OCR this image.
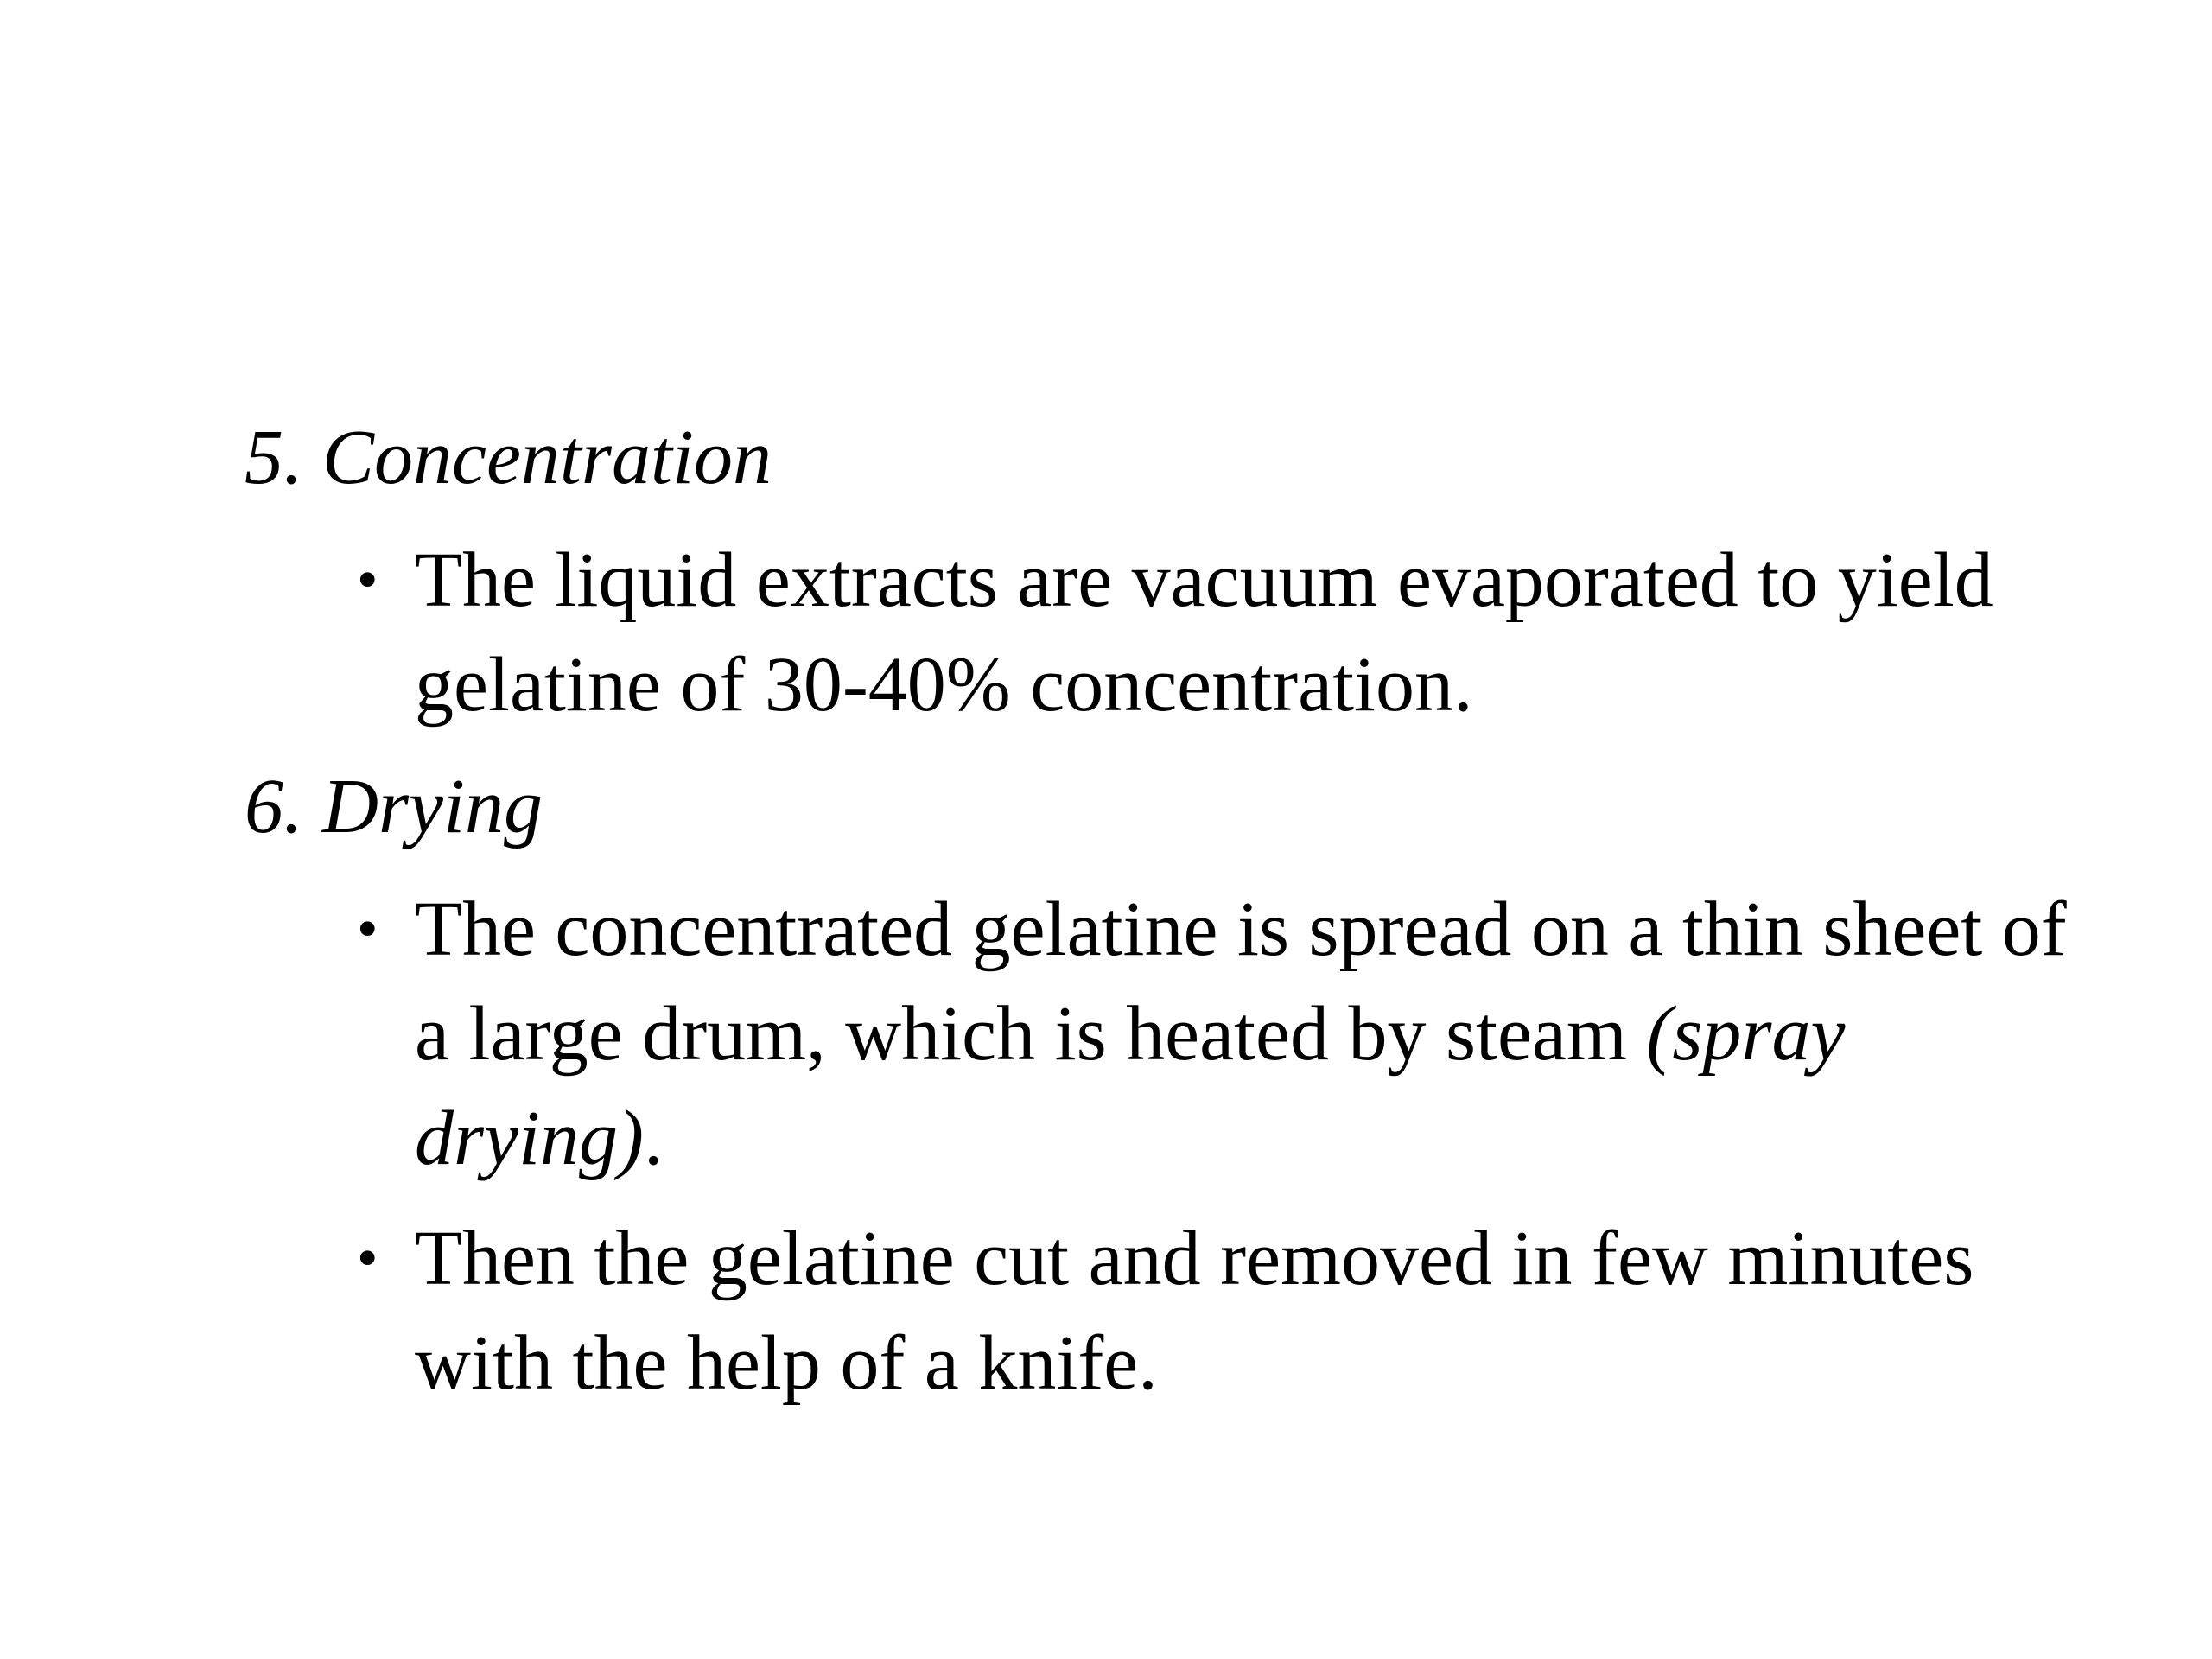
5. Concentration
• The liquid extracts are vacuum evaporated to yield gelatine of 30-40% concentration.
6. Drying
• The concentrated gelatine is spread on a thin sheet of a large drum, which is heated by steam (spray drying).
• Then the gelatine cut and removed in few minutes with the help of a knife.
